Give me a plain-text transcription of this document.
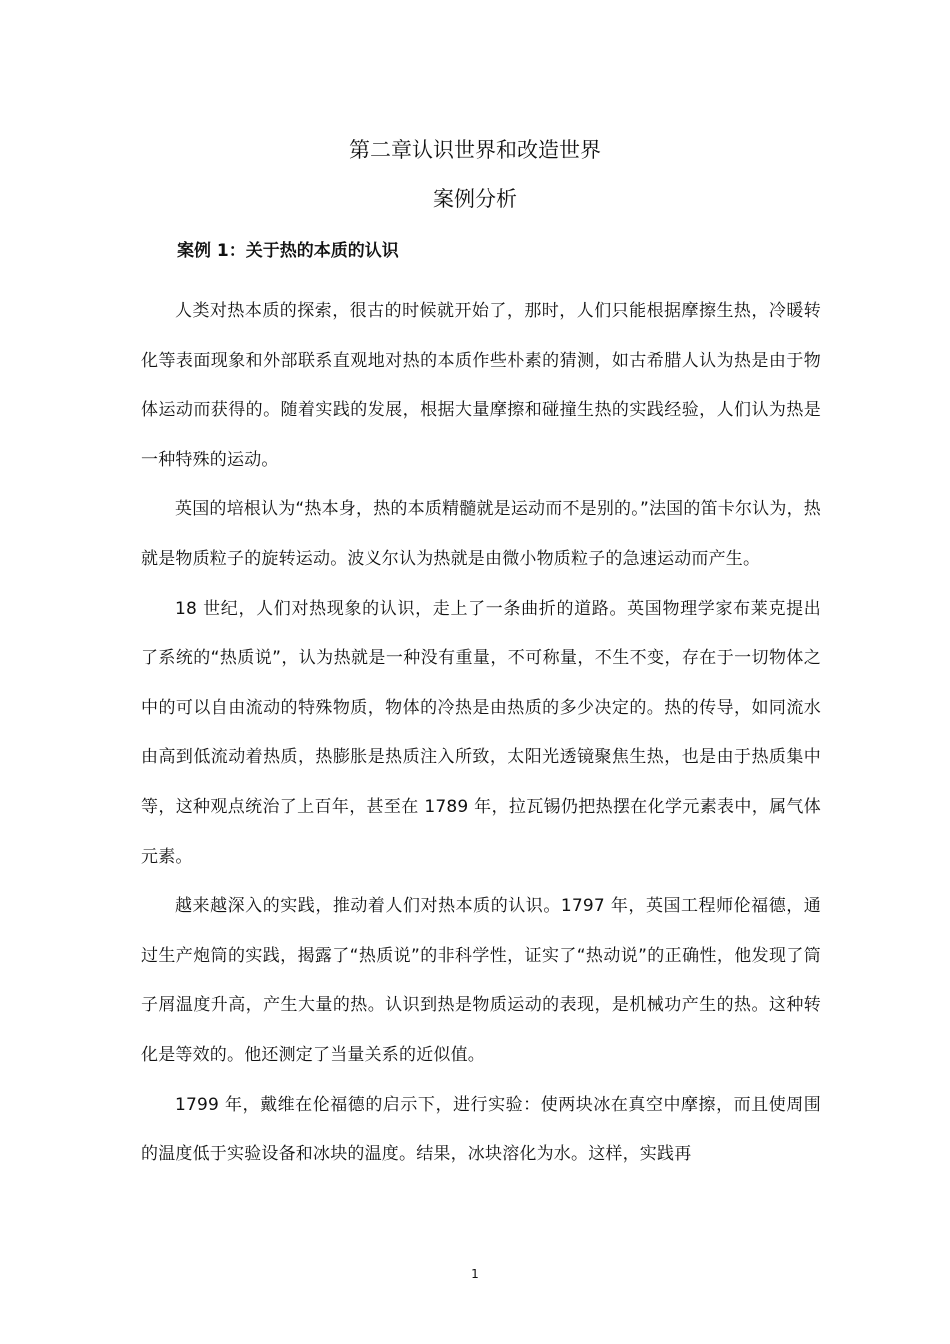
第二章认识世界和改造世界
案例分析
案例 1：关于热的本质的认识

人类对热本质的探索，很古的时候就开始了，那时，人们只能根据摩擦生热，冷暖转化等表面现象和外部联系直观地对热的本质作些朴素的猜测，如古希腊人认为热是由于物体运动而获得的。随着实践的发展，根据大量摩擦和碰撞生热的实践经验，人们认为热是一种特殊的运动。

英国的培根认为“热本身，热的本质精髓就是运动而不是别的。”法国的笛卡尔认为，热就是物质粒子的旋转运动。波义尔认为热就是由微小物质粒子的急速运动而产生。

18 世纪，人们对热现象的认识，走上了一条曲折的道路。英国物理学家布莱克提出了系统的“热质说”，认为热就是一种没有重量，不可称量，不生不变，存在于一切物体之中的可以自由流动的特殊物质，物体的冷热是由热质的多少决定的。热的传导，如同流水由高到低流动着热质，热膨胀是热质注入所致，太阳光透镜聚焦生热，也是由于热质集中等，这种观点统治了上百年，甚至在 1789 年，拉瓦锡仍把热摆在化学元素表中，属气体元素。

越来越深入的实践，推动着人们对热本质的认识。1797 年，英国工程师伦福德，通过生产炮筒的实践，揭露了“热质说”的非科学性，证实了“热动说”的正确性，他发现了筒子屑温度升高，产生大量的热。认识到热是物质运动的表现，是机械功产生的热。这种转化是等效的。他还测定了当量关系的近似值。

1799 年，戴维在伦福德的启示下，进行实验：使两块冰在真空中摩擦，而且使周围的温度低于实验设备和冰块的温度。结果，冰块溶化为水。这样，实践再

1
